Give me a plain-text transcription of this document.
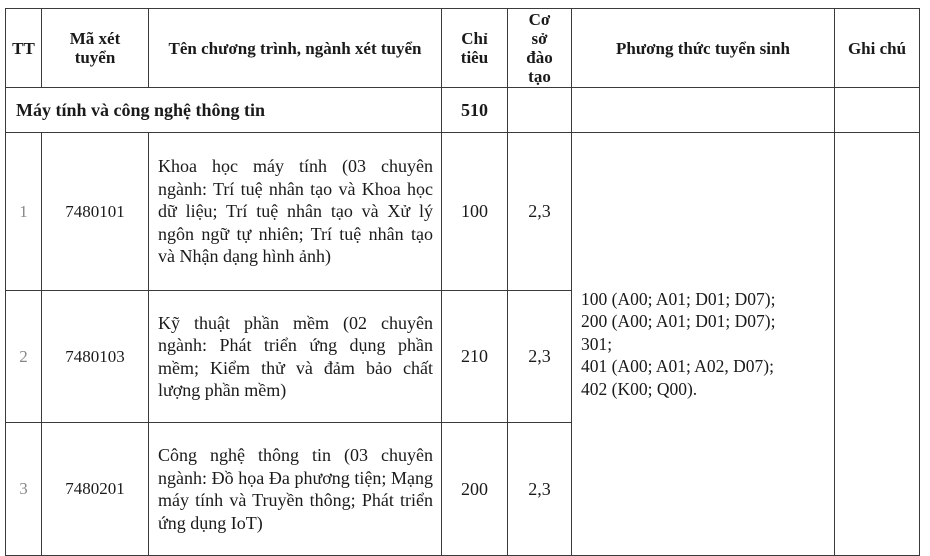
TT	Mã xét tuyển	Tên chương trình, ngành xét tuyển	Chỉ tiêu	Cơ sở đào tạo	Phương thức tuyển sinh	Ghi chú
Máy tính và công nghệ thông tin			510			
1	7480101	Khoa học máy tính (03 chuyên ngành: Trí tuệ nhân tạo và Khoa học dữ liệu; Trí tuệ nhân tạo và Xử lý ngôn ngữ tự nhiên; Trí tuệ nhân tạo và Nhận dạng hình ảnh)	100	2,3	100 (A00; A01; D01; D07);
200 (A00; A01; D01; D07);
301;
401 (A00; A01; A02, D07);
402 (K00; Q00).	

2	7480103	Kỹ thuật phần mềm (02 chuyên ngành: Phát triển ứng dụng phần mềm; Kiểm thử và đảm bảo chất lượng phần mềm)	210	2,3		
3	7480201	Công nghệ thông tin (03 chuyên ngành: Đồ họa Đa phương tiện; Mạng máy tính và Truyền thông; Phát triển ứng dụng IoT)	200	2,3		
